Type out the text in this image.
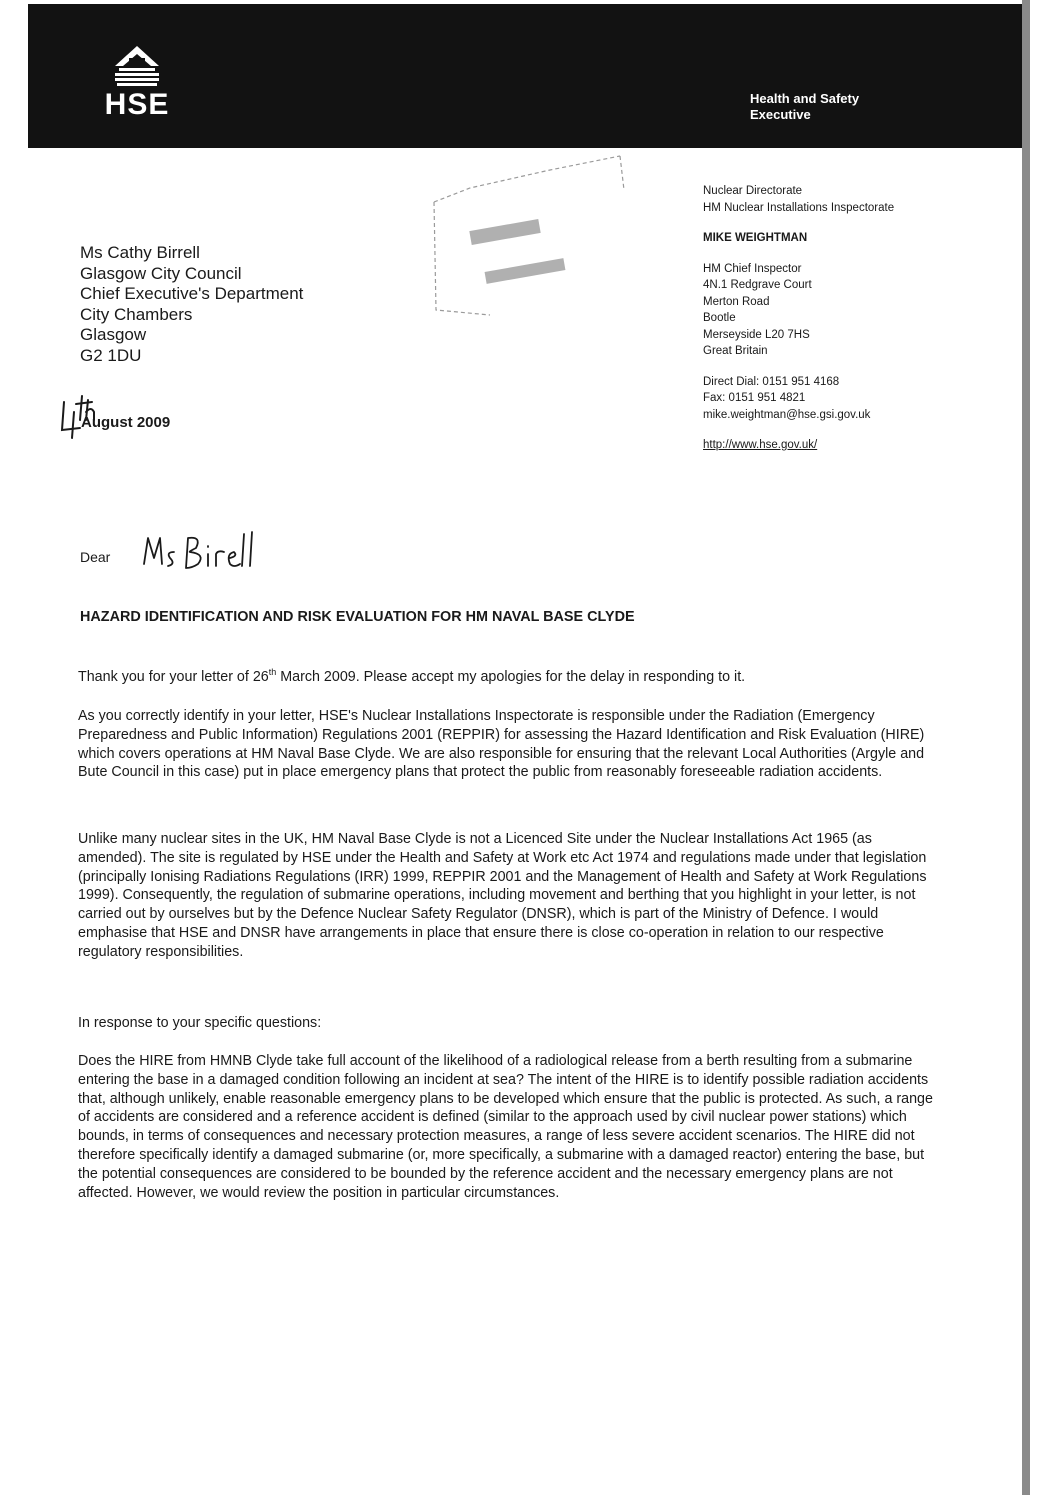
HSE	Health and Safety
Executive
Ms Cathy Birrell
Glasgow City Council
Chief Executive's Department
City Chambers
Glasgow
G2 1DU
August 2009
Nuclear Directorate
HM Nuclear Installations Inspectorate
MIKE WEIGHTMAN
HM Chief Inspector
4N.1 Redgrave Court
Merton Road
Bootle
Merseyside L20 7HS
Great Britain
Direct Dial: 0151 951 4168
Fax: 0151 951 4821
mike.weightman@hse.gsi.gov.uk
http://www.hse.gov.uk/
Dear
HAZARD IDENTIFICATION AND RISK EVALUATION FOR HM NAVAL BASE CLYDE

Thank you for your letter of 26th March 2009. Please accept my apologies for the delay in responding to it.

As you correctly identify in your letter, HSE's Nuclear Installations Inspectorate is responsible under the Radiation (Emergency Preparedness and Public Information) Regulations 2001 (REPPIR) for assessing the Hazard Identification and Risk Evaluation (HIRE) which covers operations at HM Naval Base Clyde. We are also responsible for ensuring that the relevant Local Authorities (Argyle and Bute Council in this case) put in place emergency plans that protect the public from reasonably foreseeable radiation accidents.

Unlike many nuclear sites in the UK, HM Naval Base Clyde is not a Licenced Site under the Nuclear Installations Act 1965 (as amended). The site is regulated by HSE under the Health and Safety at Work etc Act 1974 and regulations made under that legislation (principally Ionising Radiations Regulations (IRR) 1999, REPPIR 2001 and the Management of Health and Safety at Work Regulations 1999). Consequently, the regulation of submarine operations, including movement and berthing that you highlight in your letter, is not carried out by ourselves but by the Defence Nuclear Safety Regulator (DNSR), which is part of the Ministry of Defence. I would emphasise that HSE and DNSR have arrangements in place that ensure there is close co-operation in relation to our respective regulatory responsibilities.

In response to your specific questions:

Does the HIRE from HMNB Clyde take full account of the likelihood of a radiological release from a berth resulting from a submarine entering the base in a damaged condition following an incident at sea? The intent of the HIRE is to identify possible radiation accidents that, although unlikely, enable reasonable emergency plans to be developed which ensure that the public is protected. As such, a range of accidents are considered and a reference accident is defined (similar to the approach used by civil nuclear power stations) which bounds, in terms of consequences and necessary protection measures, a range of less severe accident scenarios. The HIRE did not therefore specifically identify a damaged submarine (or, more specifically, a submarine with a damaged reactor) entering the base, but the potential consequences are considered to be bounded by the reference accident and the necessary emergency plans are not affected. However, we would review the position in particular circumstances.
